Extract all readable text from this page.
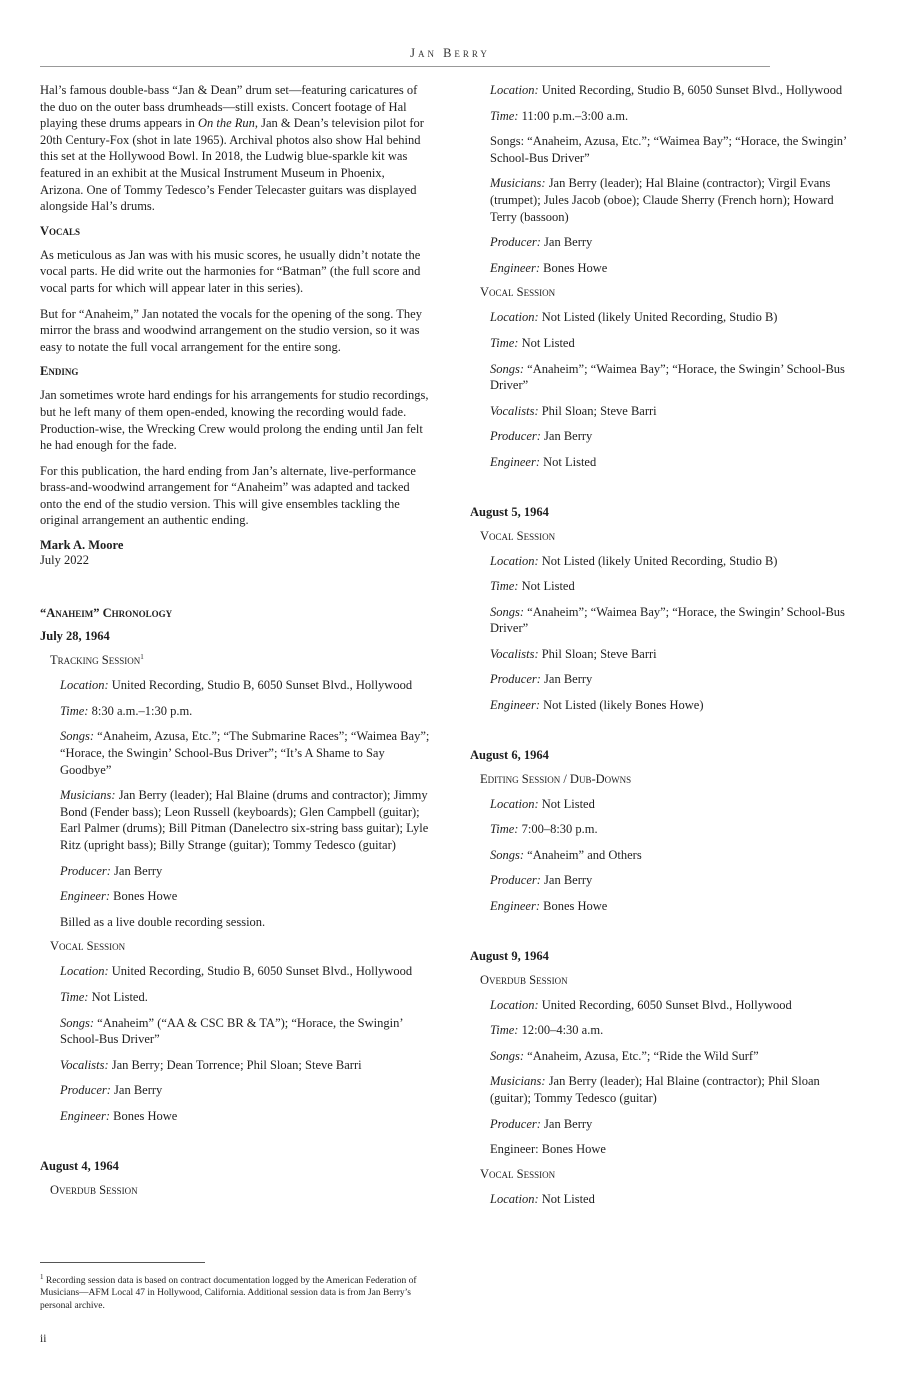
Jan Berry

Hal’s famous double-bass “Jan & Dean” drum set—featuring caricatures of the duo on the outer bass drumheads—still exists. Concert footage of Hal playing these drums appears in On the Run, Jan & Dean’s television pilot for 20th Century-Fox (shot in late 1965). Archival photos also show Hal behind this set at the Hollywood Bowl. In 2018, the Ludwig blue-sparkle kit was featured in an exhibit at the Musical Instrument Museum in Phoenix, Arizona. One of Tommy Tedesco’s Fender Telecaster guitars was displayed alongside Hal’s drums.

Vocals

As meticulous as Jan was with his music scores, he usually didn’t notate the vocal parts. He did write out the harmonies for “Batman” (the full score and vocal parts for which will appear later in this series).

But for “Anaheim,” Jan notated the vocals for the opening of the song. They mirror the brass and woodwind arrangement on the studio version, so it was easy to notate the full vocal arrangement for the entire song.

Ending

Jan sometimes wrote hard endings for his arrangements for studio recordings, but he left many of them open-ended, knowing the recording would fade. Production-wise, the Wrecking Crew would prolong the ending until Jan felt he had enough for the fade.

For this publication, the hard ending from Jan’s alternate, live-performance brass-and-woodwind arrangement for “Anaheim” was adapted and tacked onto the end of the studio version. This will give ensembles tackling the original arrangement an authentic ending.

Mark A. Moore
July 2022
“Anaheim” Chronology
July 28, 1964
Tracking Session$^1$
Location: United Recording, Studio B, 6050 Sunset Blvd., Hollywood
Time: 8:30 a.m.–1:30 p.m.
Songs: “Anaheim, Azusa, Etc.”; “The Submarine Races”; “Waimea Bay”; “Horace, the Swingin’ School-Bus Driver”; “It’s A Shame to Say Goodbye”
Musicians: Jan Berry (leader); Hal Blaine (drums and contractor); Jimmy Bond (Fender bass); Leon Russell (keyboards); Glen Campbell (guitar); Earl Palmer (drums); Bill Pitman (Danelectro six-string bass guitar); Lyle Ritz (upright bass); Billy Strange (guitar); Tommy Tedesco (guitar)
Producer: Jan Berry
Engineer: Bones Howe
Billed as a live double recording session.
Vocal Session
Location: United Recording, Studio B, 6050 Sunset Blvd., Hollywood
Time: Not Listed.
Songs: “Anaheim” (“AA & CSC BR & TA”); “Horace, the Swingin’ School-Bus Driver”
Vocalists: Jan Berry; Dean Torrence; Phil Sloan; Steve Barri
Producer: Jan Berry
Engineer: Bones Howe
August 4, 1964
Overdub Session
Location: United Recording, Studio B, 6050 Sunset Blvd., Hollywood
Time: 11:00 p.m.–3:00 a.m.
Songs: “Anaheim, Azusa, Etc.”; “Waimea Bay”; “Horace, the Swingin’ School-Bus Driver”
Musicians: Jan Berry (leader); Hal Blaine (contractor); Virgil Evans (trumpet); Jules Jacob (oboe); Claude Sherry (French horn); Howard Terry (bassoon)
Producer: Jan Berry
Engineer: Bones Howe
Vocal Session
Location: Not Listed (likely United Recording, Studio B)
Time: Not Listed
Songs: “Anaheim”; “Waimea Bay”; “Horace, the Swingin’ School-Bus Driver”
Vocalists: Phil Sloan; Steve Barri
Producer: Jan Berry
Engineer: Not Listed
August 5, 1964
Vocal Session
Location: Not Listed (likely United Recording, Studio B)
Time: Not Listed
Songs: “Anaheim”; “Waimea Bay”; “Horace, the Swingin’ School-Bus Driver”
Vocalists: Phil Sloan; Steve Barri
Producer: Jan Berry
Engineer: Not Listed (likely Bones Howe)
August 6, 1964
Editing Session / Dub-Downs
Location: Not Listed
Time: 7:00–8:30 p.m.
Songs: “Anaheim” and Others
Producer: Jan Berry
Engineer: Bones Howe
August 9, 1964
Overdub Session
Location: United Recording, 6050 Sunset Blvd., Hollywood
Time: 12:00–4:30 a.m.
Songs: “Anaheim, Azusa, Etc.”; “Ride the Wild Surf”
Musicians: Jan Berry (leader); Hal Blaine (contractor); Phil Sloan (guitar); Tommy Tedesco (guitar)
Producer: Jan Berry
Engineer: Bones Howe
Vocal Session
Location: Not Listed
$^1$ Recording session data is based on contract documentation logged by the American Federation of Musicians—AFM Local 47 in Hollywood, California. Additional session data is from Jan Berry’s personal archive.
ii
